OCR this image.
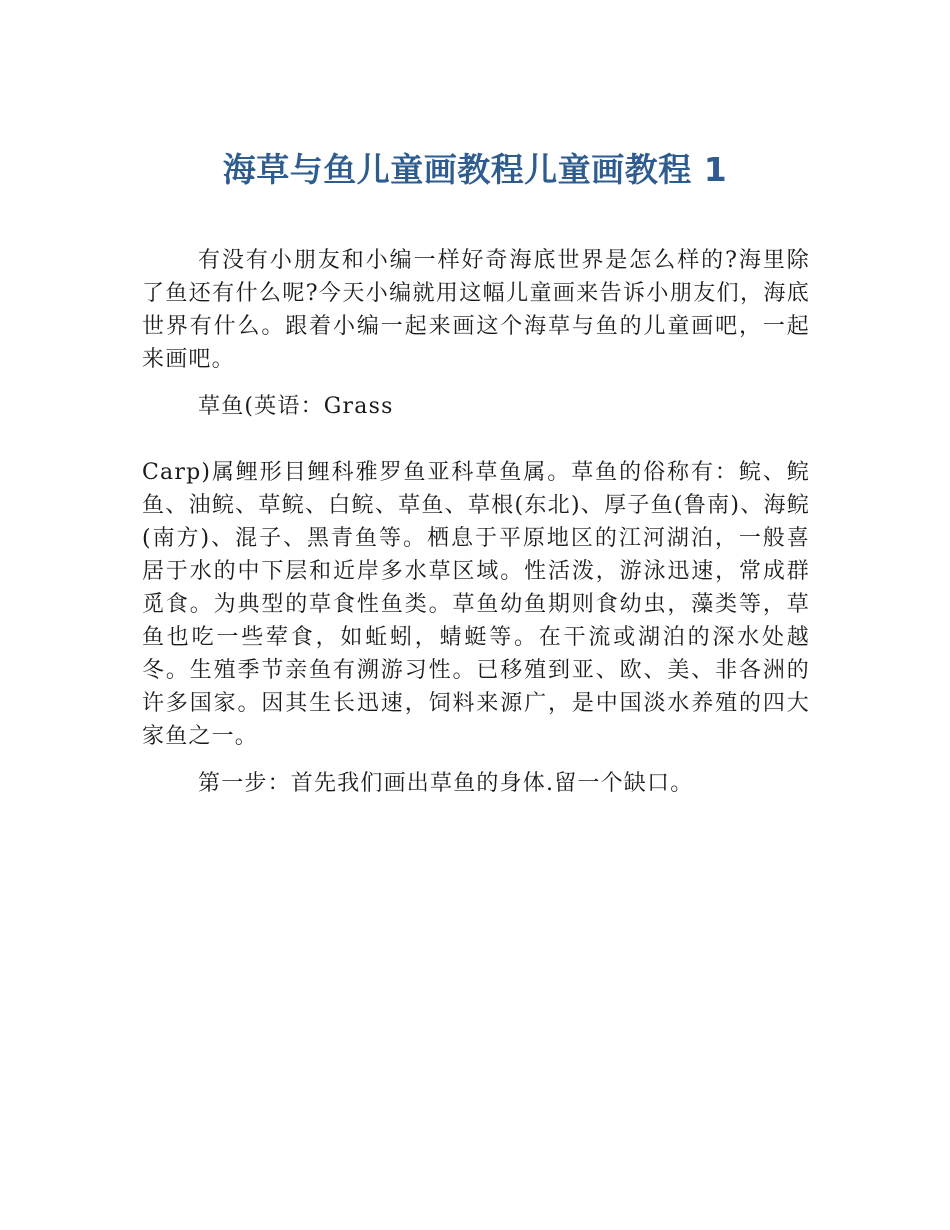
海草与鱼儿童画教程儿童画教程 1

有没有小朋友和小编一样好奇海底世界是怎么样的?海里除了鱼还有什么呢?今天小编就用这幅儿童画来告诉小朋友们，海底世界有什么。跟着小编一起来画这个海草与鱼的儿童画吧，一起来画吧。

草鱼(英语：Grass

Carp)属鲤形目鲤科雅罗鱼亚科草鱼属。草鱼的俗称有：鲩、鲩鱼、油鲩、草鲩、白鲩、草鱼、草根(东北)、厚子鱼(鲁南)、海鲩(南方)、混子、黑青鱼等。栖息于平原地区的江河湖泊，一般喜居于水的中下层和近岸多水草区域。性活泼，游泳迅速，常成群觅食。为典型的草食性鱼类。草鱼幼鱼期则食幼虫，藻类等，草鱼也吃一些荤食，如蚯蚓，蜻蜓等。在干流或湖泊的深水处越冬。生殖季节亲鱼有溯游习性。已移殖到亚、欧、美、非各洲的许多国家。因其生长迅速，饲料来源广，是中国淡水养殖的四大家鱼之一。

第一步：首先我们画出草鱼的身体.留一个缺口。
